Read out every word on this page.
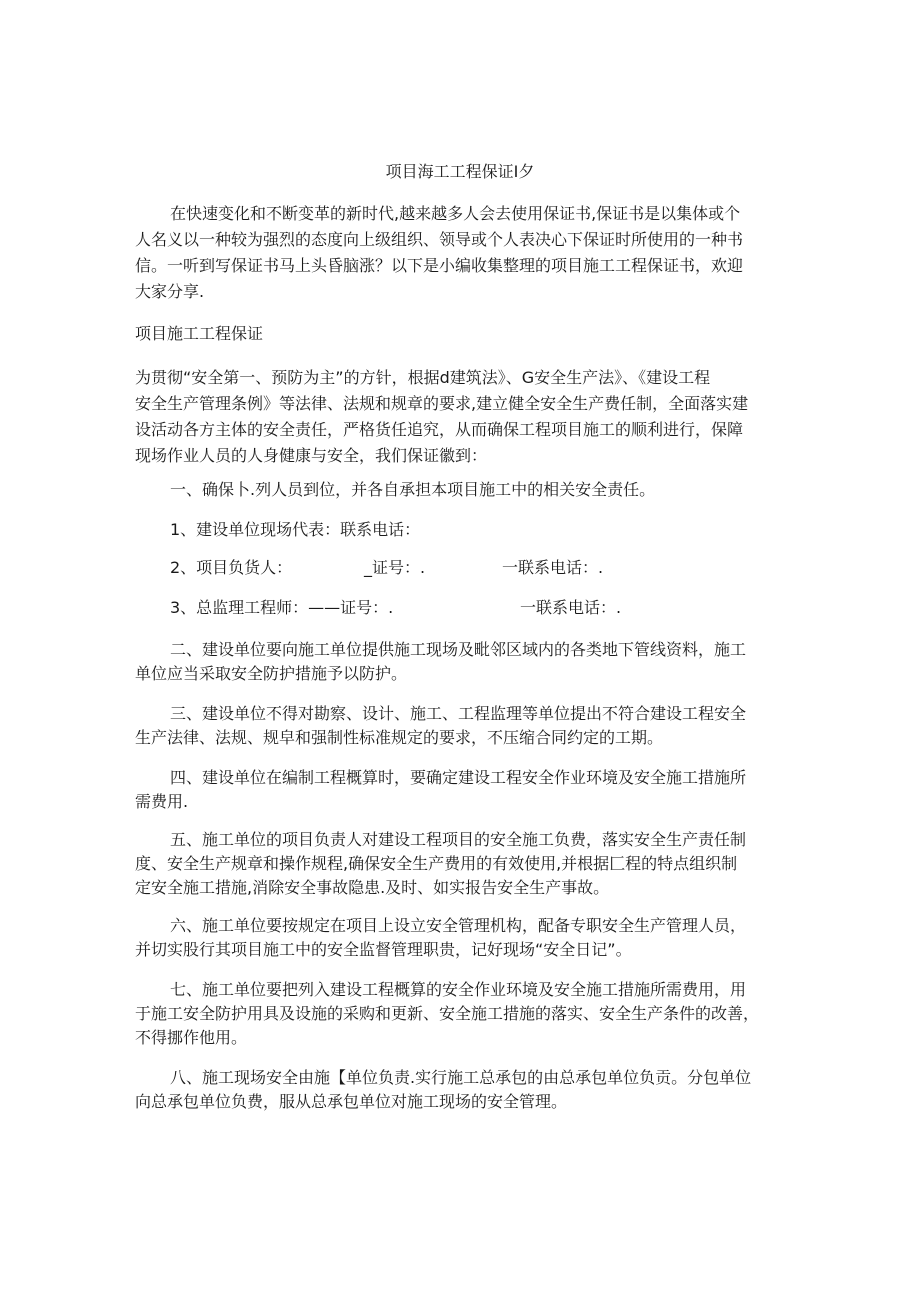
项目海工工程保证Ⅰ夕
在快速变化和不断变革的新时代,越来越多人会去使用保证书,保证书是以集体或个
人名义以一种较为强烈的态度向上级组织、领导或个人表决心下保证时所使用的一种书
信。一听到写保证书马上头昏脑涨？以下是小编收集整理的项目施工工程保证书，欢迎
大家分享.
项目施工工程保证
为贯彻“安全第一、预防为主”的方针，根据d建筑法》、G安全生产法》、《建设工程
安全生产管理条例》等法律、法规和规章的要求,建立健全安全生产费任制，全面落实建
设活动各方主体的安全责任，严格货任追究，从而确保工程项目施工的顺利进行，保障
现场作业人员的人身健康与安全，我们保证徽到：
一、确保卜.列人员到位，并各自承担本项目施工中的相关安全责任。
1、建设单位现场代表：联系电话：
2、项目负货人：	_证号：.	一联系电话：.
3、总监理工程师：——证号：.	一联系电话：.
二、建设单位要向施工单位提供施工现场及毗邻区域内的各类地下管线资料，施工
单位应当采取安全防护措施予以防护。
三、建设单位不得对勘察、设计、施工、工程监理等单位提出不符合建设工程安全
生产法律、法规、规皁和强制性标准规定的要求，不压缩合同约定的工期。
四、建设单位在编制工程概算时，要确定建设工程安全作业环境及安全施工措施所
需费用.
五、施工单位的项目负责人对建设工程项目的安全施工负费，落实安全生产责任制
度、安全生产规章和操作规程,确保安全生产费用的有效使用,并根据匚程的特点组织制
定安全施工措施,消除安全事故隐患.及时、如实报告安全生产事故。
六、施工单位要按规定在项目上设立安全管理机构，配备专职安全生产管理人员，
并切实股行其项目施工中的安全监督管理职贵，记好现场“安全日记”。
七、施工单位要把列入建设工程概算的安全作业环境及安全施工措施所需费用，用
于施工安全防护用具及设施的采购和更新、安全施工措施的落实、安全生产条件的改善，
不得挪作他用。
八、施工现场安全由施【单位负责.实行施工总承包的由总承包单位负贡。分包单位
向总承包单位负费，服从总承包单位对施工现场的安全管理。
